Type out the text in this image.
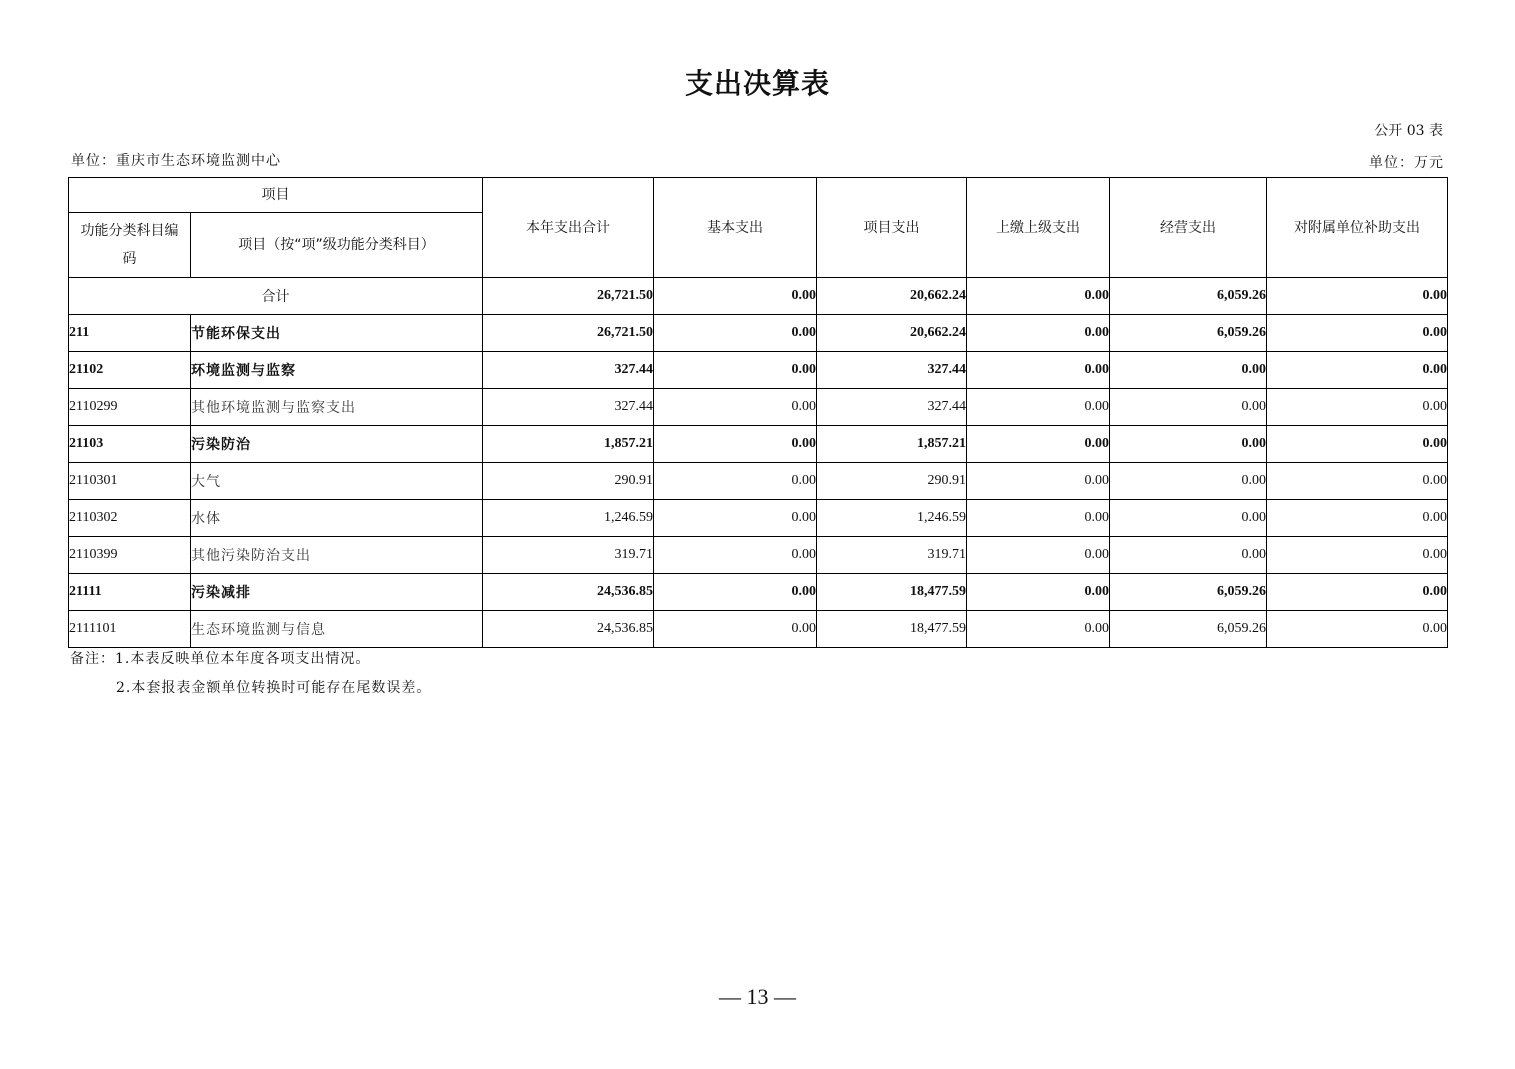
支出决算表
公开 03 表
单位：重庆市生态环境监测中心	单位：万元
项目		本年支出合计	基本支出	项目支出	上缴上级支出	经营支出	对附属单位补助支出
功能分类科目编码	项目（按“项”级功能分类科目）						
合计		26,721.50	0.00	20,662.24	0.00	6,059.26	0.00
211	节能环保支出	26,721.50	0.00	20,662.24	0.00	6,059.26	0.00
21102	环境监测与监察	327.44	0.00	327.44	0.00	0.00	0.00
2110299	其他环境监测与监察支出	327.44	0.00	327.44	0.00	0.00	0.00
21103	污染防治	1,857.21	0.00	1,857.21	0.00	0.00	0.00
2110301	大气	290.91	0.00	290.91	0.00	0.00	0.00
2110302	水体	1,246.59	0.00	1,246.59	0.00	0.00	0.00
2110399	其他污染防治支出	319.71	0.00	319.71	0.00	0.00	0.00
21111	污染减排	24,536.85	0.00	18,477.59	0.00	6,059.26	0.00
2111101	生态环境监测与信息	24,536.85	0.00	18,477.59	0.00	6,059.26	0.00
备注：1.本表反映单位本年度各项支出情况。
2.本套报表金额单位转换时可能存在尾数误差。
— 13 —
